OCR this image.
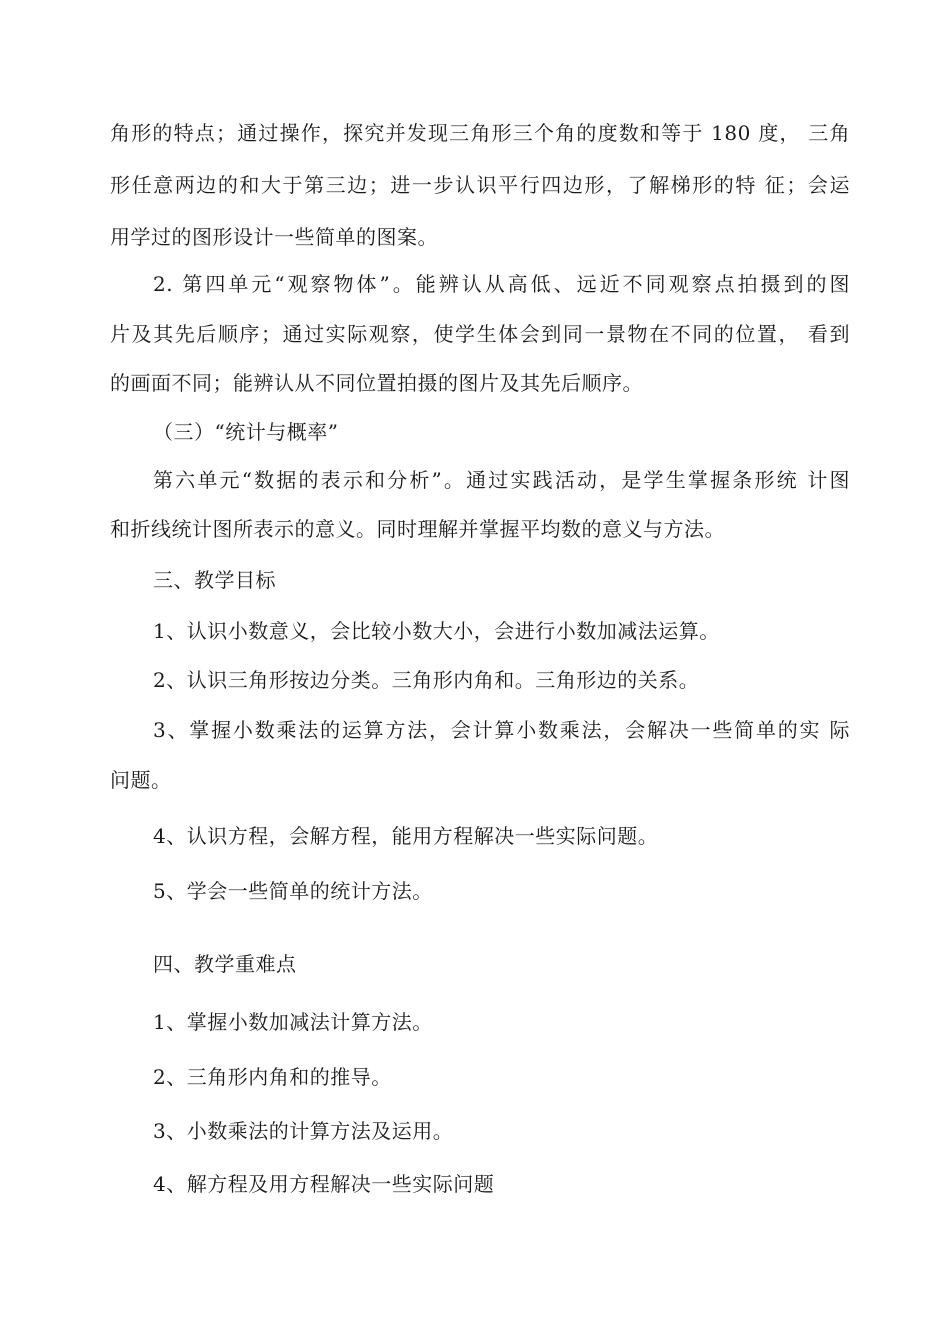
角形的特点；通过操作，探究并发现三角形三个角的度数和等于 180 度， 三角
形任意两边的和大于第三边；进一步认识平行四边形，了解梯形的特 征；会运
用学过的图形设计一些简单的图案。
2. 第四单元“观察物体”。能辨认从高低、远近不同观察点拍摄到的图
片及其先后顺序；通过实际观察，使学生体会到同一景物在不同的位置， 看到
的画面不同；能辨认从不同位置拍摄的图片及其先后顺序。
（三）“统计与概率”
第六单元“数据的表示和分析”。通过实践活动，是学生掌握条形统 计图
和折线统计图所表示的意义。同时理解并掌握平均数的意义与方法。
三、教学目标
1、认识小数意义，会比较小数大小，会进行小数加减法运算。
2、认识三角形按边分类。三角形内角和。三角形边的关系。
3、掌握小数乘法的运算方法，会计算小数乘法，会解决一些简单的实 际
问题。
4、认识方程，会解方程，能用方程解决一些实际问题。
5、学会一些简单的统计方法。
四、教学重难点
1、掌握小数加减法计算方法。
2、三角形内角和的推导。
3、小数乘法的计算方法及运用。
4、解方程及用方程解决一些实际问题
